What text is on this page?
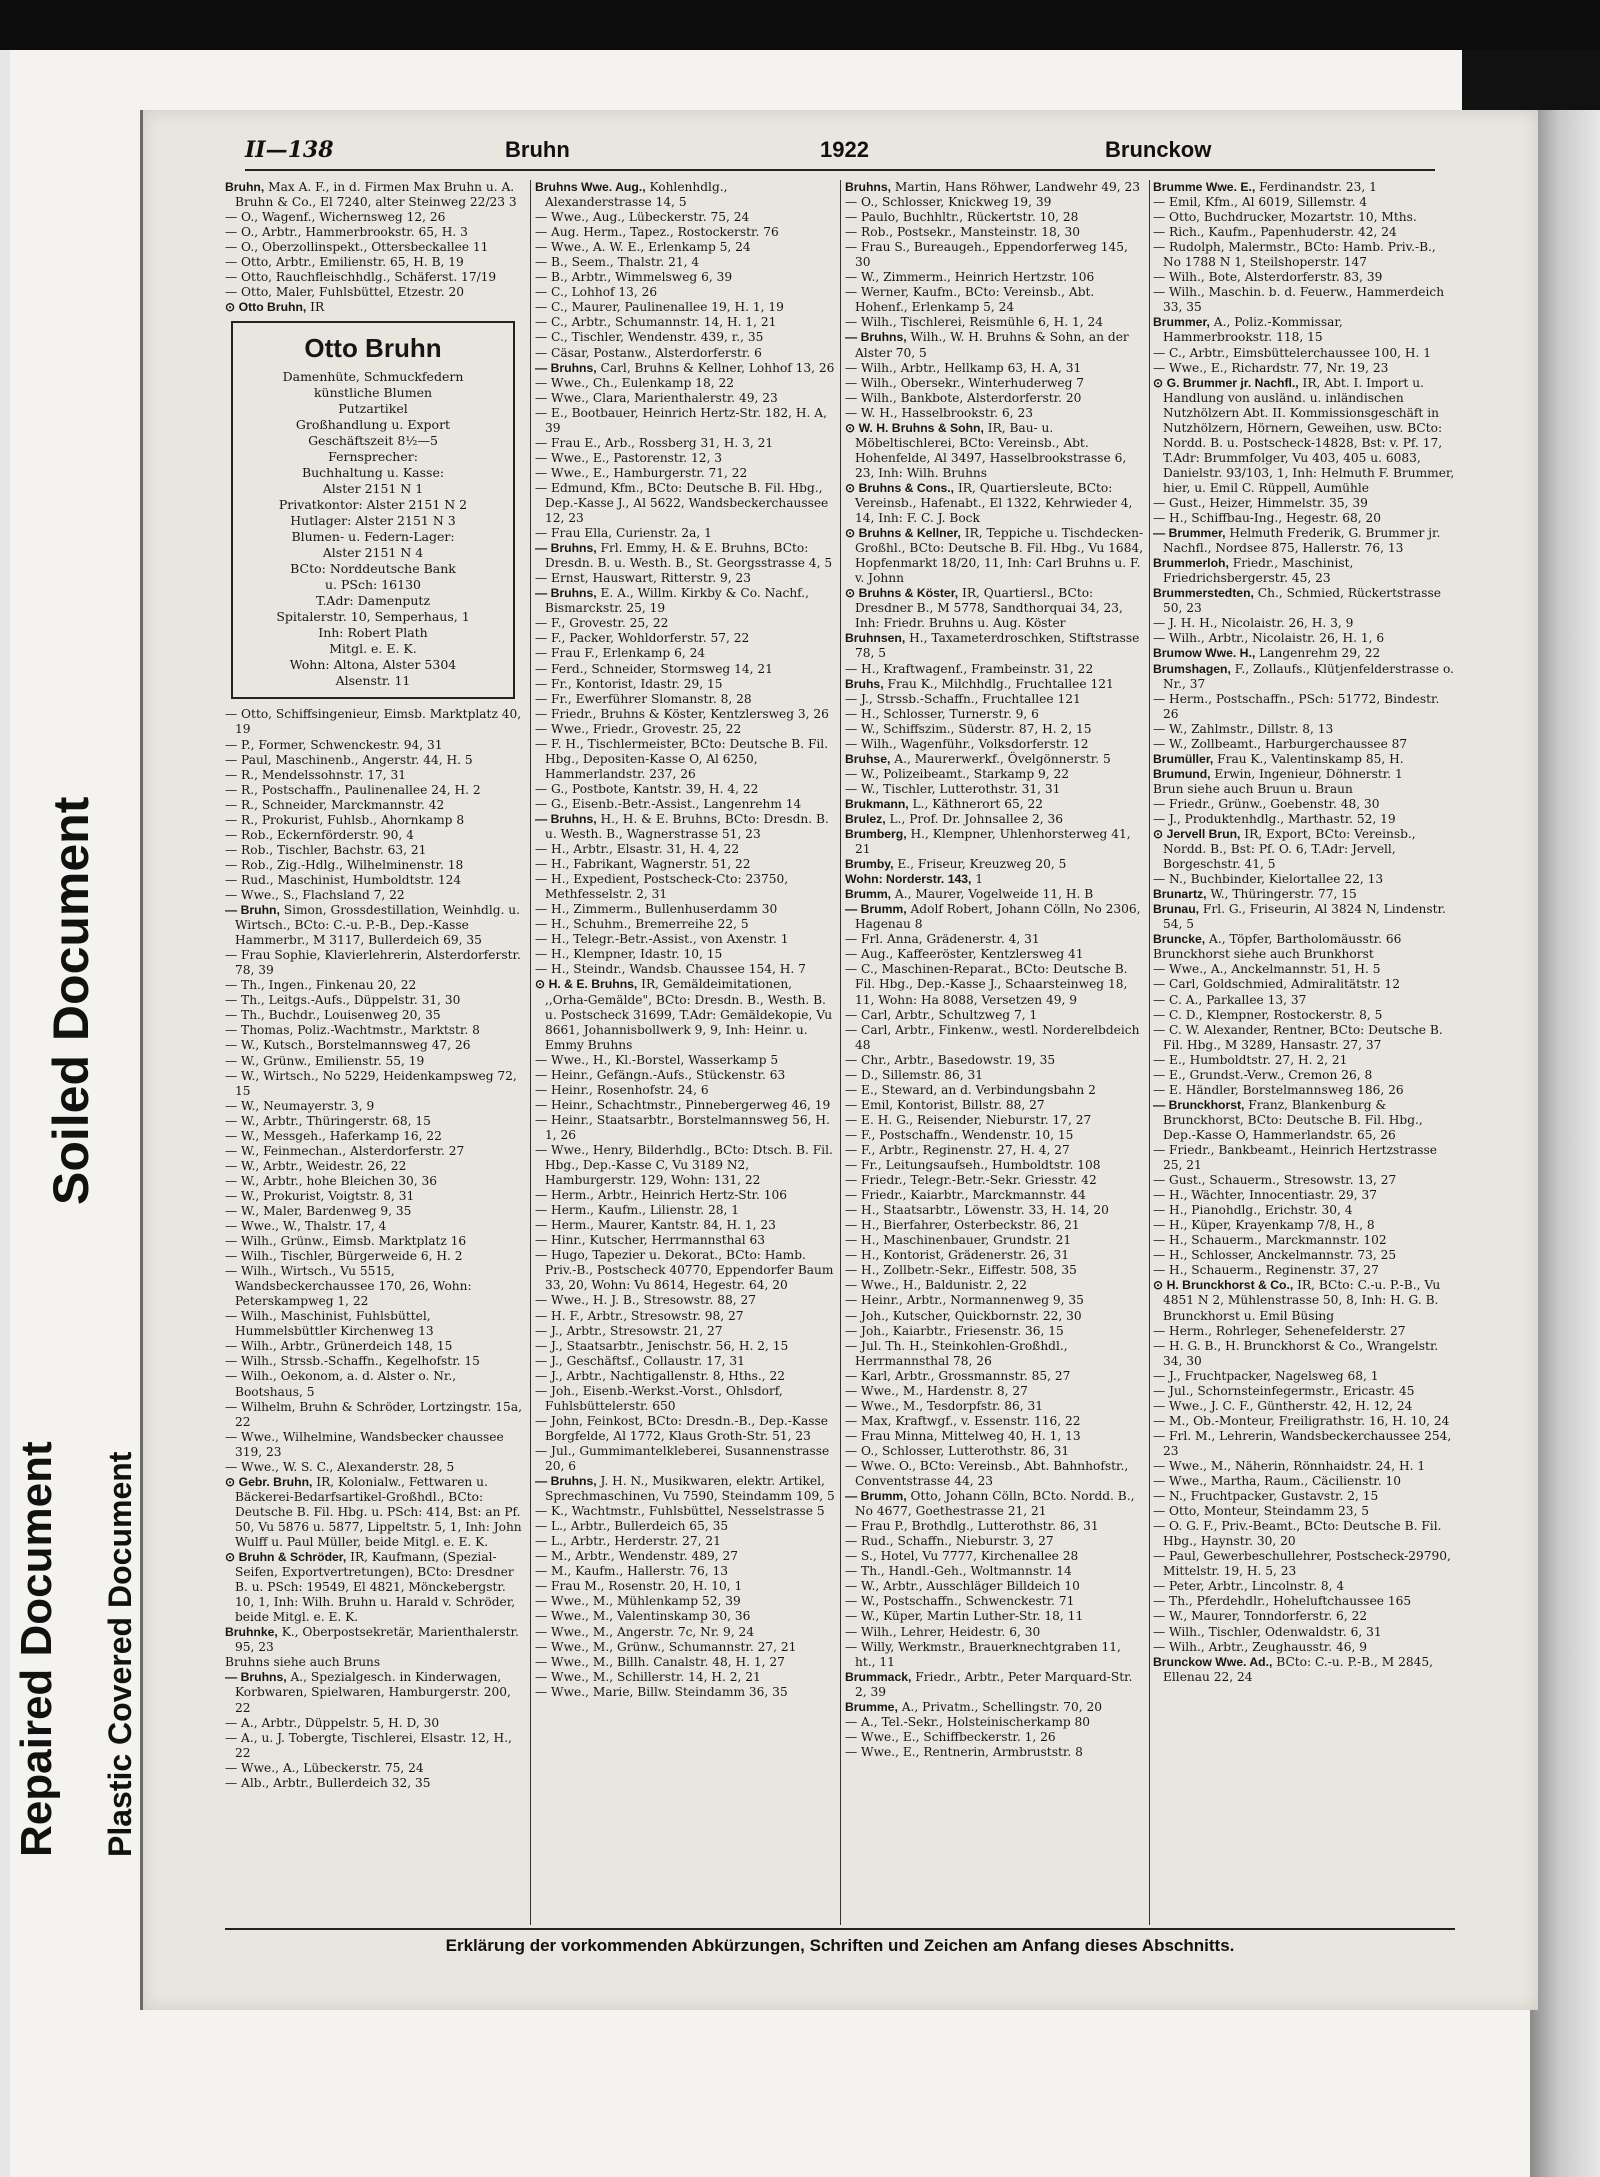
Soiled Document
Repaired Document Plastic Covered Document
II—138	Bruhn	1922	Brunckow
Bruhn, Max A. F., in d. Firmen Max Bruhn u. A. Bruhn & Co., El 7240, alter Steinweg 22/23 3
— O., Wagenf., Wichernsweg 12, 26
— O., Arbtr., Hammerbrookstr. 65, H. 3
— O., Oberzollinspekt., Ottersbeckallee 11
— Otto, Arbtr., Emilienstr. 65, H. B, 19
— Otto, Rauchfleischhdlg., Schäferst. 17/19
— Otto, Maler, Fuhlsbüttel, Etzestr. 20
⊙ Otto Bruhn, IR
Otto Bruhn
Damenhüte, Schmuckfedern
künstliche Blumen
Putzartikel
Großhandlung u. Export
Geschäftszeit 8½—5
Fernsprecher:
Buchhaltung u. Kasse:
Alster 2151 N 1
Privatkontor: Alster 2151 N 2
Hutlager: Alster 2151 N 3
Blumen- u. Federn-Lager:
Alster 2151 N 4
BCto: Norddeutsche Bank
u. PSch: 16130
T.Adr: Damenputz
Spitalerstr. 10, Semperhaus, 1
Inh: Robert Plath
Mitgl. e. E. K.
Wohn: Altona, Alster 5304
Alsenstr. 11
— Otto, Schiffsingenieur, Eimsb. Marktplatz 40, 19
— P., Former, Schwenckestr. 94, 31
— Paul, Maschinenb., Angerstr. 44, H. 5
— R., Mendelssohnstr. 17, 31
— R., Postschaffn., Paulinenallee 24, H. 2
— R., Schneider, Marckmannstr. 42
— R., Prokurist, Fuhlsb., Ahornkamp 8
— Rob., Eckernförderstr. 90, 4
— Rob., Tischler, Bachstr. 63, 21
— Rob., Zig.-Hdlg., Wilhelminenstr. 18
— Rud., Maschinist, Humboldtstr. 124
— Wwe., S., Flachsland 7, 22
— Bruhn, Simon, Grossdestillation, Weinhdlg. u. Wirtsch., BCto: C.-u. P.-B., Dep.-Kasse Hammerbr., M 3117, Bullerdeich 69, 35
— Frau Sophie, Klavierlehrerin, Alsterdorferstr. 78, 39
— Th., Ingen., Finkenau 20, 22
— Th., Leitgs.-Aufs., Düppelstr. 31, 30
— Th., Buchdr., Louisenweg 20, 35
— Thomas, Poliz.-Wachtmstr., Marktstr. 8
— W., Kutsch., Borstelmannsweg 47, 26
— W., Grünw., Emilienstr. 55, 19
— W., Wirtsch., No 5229, Heidenkampsweg 72, 15
— W., Neumayerstr. 3, 9
— W., Arbtr., Thüringerstr. 68, 15
— W., Messgeh., Haferkamp 16, 22
— W., Feinmechan., Alsterdorferstr. 27
— W., Arbtr., Weidestr. 26, 22
— W., Arbtr., hohe Bleichen 30, 36
— W., Prokurist, Voigtstr. 8, 31
— W., Maler, Bardenweg 9, 35
— Wwe., W., Thalstr. 17, 4
— Wilh., Grünw., Eimsb. Marktplatz 16
— Wilh., Tischler, Bürgerweide 6, H. 2
— Wilh., Wirtsch., Vu 5515, Wandsbeckerchaussee 170, 26, Wohn: Peterskampweg 1, 22
— Wilh., Maschinist, Fuhlsbüttel, Hummelsbüttler Kirchenweg 13
— Wilh., Arbtr., Grünerdeich 148, 15
— Wilh., Strssb.-Schaffn., Kegelhofstr. 15
— Wilh., Oekonom, a. d. Alster o. Nr., Bootshaus, 5
— Wilhelm, Bruhn & Schröder, Lortzingstr. 15a, 22
— Wwe., Wilhelmine, Wandsbecker chaussee 319, 23
— Wwe., W. S. C., Alexanderstr. 28, 5
⊙ Gebr. Bruhn, IR, Kolonialw., Fettwaren u. Bäckerei-Bedarfsartikel-Großhdl., BCto: Deutsche B. Fil. Hbg. u. PSch: 414, Bst: an Pf. 50, Vu 5876 u. 5877, Lippeltstr. 5, 1, Inh: John Wulff u. Paul Müller, beide Mitgl. e. E. K.
⊙ Bruhn & Schröder, IR, Kaufmann, (Spezial-Seifen, Exportvertretungen), BCto: Dresdner B. u. PSch: 19549, El 4821, Mönckebergstr. 10, 1, Inh: Wilh. Bruhn u. Harald v. Schröder, beide Mitgl. e. E. K.
Bruhnke, K., Oberpostsekretär, Marienthalerstr. 95, 23
Bruhns siehe auch Bruns
— Bruhns, A., Spezialgesch. in Kinderwagen, Korbwaren, Spielwaren, Hamburgerstr. 200, 22
— A., Arbtr., Düppelstr. 5, H. D, 30
— A., u. J. Tobergte, Tischlerei, Elsastr. 12, H., 22
— Wwe., A., Lübeckerstr. 75, 24
— Alb., Arbtr., Bullerdeich 32, 35
Bruhns Wwe. Aug., Kohlenhdlg., Alexanderstrasse 14, 5
— Wwe., Aug., Lübeckerstr. 75, 24
— Aug. Herm., Tapez., Rostockerstr. 76
— Wwe., A. W. E., Erlenkamp 5, 24
— B., Seem., Thalstr. 21, 4
— B., Arbtr., Wimmelsweg 6, 39
— C., Lohhof 13, 26
— C., Maurer, Paulinenallee 19, H. 1, 19
— C., Arbtr., Schumannstr. 14, H. 1, 21
— C., Tischler, Wendenstr. 439, r., 35
— Cäsar, Postanw., Alsterdorferstr. 6
— Bruhns, Carl, Bruhns & Kellner, Lohhof 13, 26
— Wwe., Ch., Eulenkamp 18, 22
— Wwe., Clara, Marienthalerstr. 49, 23
— E., Bootbauer, Heinrich Hertz-Str. 182, H. A, 39
— Frau E., Arb., Rossberg 31, H. 3, 21
— Wwe., E., Pastorenstr. 12, 3
— Wwe., E., Hamburgerstr. 71, 22
— Edmund, Kfm., BCto: Deutsche B. Fil. Hbg., Dep.-Kasse J., Al 5622, Wandsbeckerchaussee 12, 23
— Frau Ella, Curienstr. 2a, 1
— Bruhns, Frl. Emmy, H. & E. Bruhns, BCto: Dresdn. B. u. Westh. B., St. Georgsstrasse 4, 5
— Ernst, Hauswart, Ritterstr. 9, 23
— Bruhns, E. A., Willm. Kirkby & Co. Nachf., Bismarckstr. 25, 19
— F., Grovestr. 25, 22
— F., Packer, Wohldorferstr. 57, 22
— Frau F., Erlenkamp 6, 24
— Ferd., Schneider, Stormsweg 14, 21
— Fr., Kontorist, Idastr. 29, 15
— Fr., Ewerführer Slomanstr. 8, 28
— Friedr., Bruhns & Köster, Kentzlersweg 3, 26
— Wwe., Friedr., Grovestr. 25, 22
— F. H., Tischlermeister, BCto: Deutsche B. Fil. Hbg., Depositen-Kasse O, Al 6250, Hammerlandstr. 237, 26
— G., Postbote, Kantstr. 39, H. 4, 22
— G., Eisenb.-Betr.-Assist., Langenrehm 14
— Bruhns, H., H. & E. Bruhns, BCto: Dresdn. B. u. Westh. B., Wagnerstrasse 51, 23
— H., Arbtr., Elsastr. 31, H. 4, 22
— H., Fabrikant, Wagnerstr. 51, 22
— H., Expedient, Postscheck-Cto: 23750, Methfesselstr. 2, 31
— H., Zimmerm., Bullenhuserdamm 30
— H., Schuhm., Bremerreihe 22, 5
— H., Telegr.-Betr.-Assist., von Axenstr. 1
— H., Klempner, Idastr. 10, 15
— H., Steindr., Wandsb. Chaussee 154, H. 7
⊙ H. & E. Bruhns, IR, Gemäldeimitationen, ,,Orha-Gemälde", BCto: Dresdn. B., Westh. B. u. Postscheck 31699, T.Adr: Gemäldekopie, Vu 8661, Johannisbollwerk 9, 9, Inh: Heinr. u. Emmy Bruhns
— Wwe., H., Kl.-Borstel, Wasserkamp 5
— Heinr., Gefängn.-Aufs., Stückenstr. 63
— Heinr., Rosenhofstr. 24, 6
— Heinr., Schachtmstr., Pinnebergerweg 46, 19
— Heinr., Staatsarbtr., Borstelmannsweg 56, H. 1, 26
— Wwe., Henry, Bilderhdlg., BCto: Dtsch. B. Fil. Hbg., Dep.-Kasse C, Vu 3189 N2, Hamburgerstr. 129, Wohn: 131, 22
— Herm., Arbtr., Heinrich Hertz-Str. 106
— Herm., Kaufm., Lilienstr. 28, 1
— Herm., Maurer, Kantstr. 84, H. 1, 23
— Hinr., Kutscher, Herrmannsthal 63
— Hugo, Tapezier u. Dekorat., BCto: Hamb. Priv.-B., Postscheck 40770, Eppendorfer Baum 33, 20, Wohn: Vu 8614, Hegestr. 64, 20
— Wwe., H. J. B., Stresowstr. 88, 27
— H. F., Arbtr., Stresowstr. 98, 27
— J., Arbtr., Stresowstr. 21, 27
— J., Staatsarbtr., Jenischstr. 56, H. 2, 15
— J., Geschäftsf., Collaustr. 17, 31
— J., Arbtr., Nachtigallenstr. 8, Hths., 22
— Joh., Eisenb.-Werkst.-Vorst., Ohlsdorf, Fuhlsbüttelerstr. 650
— John, Feinkost, BCto: Dresdn.-B., Dep.-Kasse Borgfelde, Al 1772, Klaus Groth-Str. 51, 23
— Jul., Gummimantelkleberei, Susannenstrasse 20, 6
— Bruhns, J. H. N., Musikwaren, elektr. Artikel, Sprechmaschinen, Vu 7590, Steindamm 109, 5
— K., Wachtmstr., Fuhlsbüttel, Nesselstrasse 5
— L., Arbtr., Bullerdeich 65, 35
— L., Arbtr., Herderstr. 27, 21
— M., Arbtr., Wendenstr. 489, 27
— M., Kaufm., Hallerstr. 76, 13
— Frau M., Rosenstr. 20, H. 10, 1
— Wwe., M., Mühlenkamp 52, 39
— Wwe., M., Valentinskamp 30, 36
— Wwe., M., Angerstr. 7c, Nr. 9, 24
— Wwe., M., Grünw., Schumannstr. 27, 21
— Wwe., M., Billh. Canalstr. 48, H. 1, 27
— Wwe., M., Schillerstr. 14, H. 2, 21
— Wwe., Marie, Billw. Steindamm 36, 35
Bruhns, Martin, Hans Röhwer, Landwehr 49, 23
— O., Schlosser, Knickweg 19, 39
— Paulo, Buchhltr., Rückertstr. 10, 28
— Rob., Postsekr., Mansteinstr. 18, 30
— Frau S., Bureaugeh., Eppendorferweg 145, 30
— W., Zimmerm., Heinrich Hertzstr. 106
— Werner, Kaufm., BCto: Vereinsb., Abt. Hohenf., Erlenkamp 5, 24
— Wilh., Tischlerei, Reismühle 6, H. 1, 24
— Bruhns, Wilh., W. H. Bruhns & Sohn, an der Alster 70, 5
— Wilh., Arbtr., Hellkamp 63, H. A, 31
— Wilh., Obersekr., Winterhuderweg 7
— Wilh., Bankbote, Alsterdorferstr. 20
— W. H., Hasselbrookstr. 6, 23
⊙ W. H. Bruhns & Sohn, IR, Bau- u. Möbeltischlerei, BCto: Vereinsb., Abt. Hohenfelde, Al 3497, Hasselbrookstrasse 6, 23, Inh: Wilh. Bruhns
⊙ Bruhns & Cons., IR, Quartiersleute, BCto: Vereinsb., Hafenabt., El 1322, Kehrwieder 4, 14, Inh: F. C. J. Bock
⊙ Bruhns & Kellner, IR, Teppiche u. Tischdecken-Großhl., BCto: Deutsche B. Fil. Hbg., Vu 1684, Hopfenmarkt 18/20, 11, Inh: Carl Bruhns u. F. v. Johnn
⊙ Bruhns & Köster, IR, Quartiersl., BCto: Dresdner B., M 5778, Sandthorquai 34, 23, Inh: Friedr. Bruhns u. Aug. Köster
Bruhnsen, H., Taxameterdroschken, Stiftstrasse 78, 5
— H., Kraftwagenf., Frambeinstr. 31, 22
Bruhs, Frau K., Milchhdlg., Fruchtallee 121
— J., Strssb.-Schaffn., Fruchtallee 121
— H., Schlosser, Turnerstr. 9, 6
— W., Schiffszim., Süderstr. 87, H. 2, 15
— Wilh., Wagenführ., Volksdorferstr. 12
Bruhse, A., Maurerwerkf., Övelgönnerstr. 5
— W., Polizeibeamt., Starkamp 9, 22
— W., Tischler, Lutterothstr. 31, 31
Brukmann, L., Käthnerort 65, 22
Brulez, L., Prof. Dr. Johnsallee 2, 36
Brumberg, H., Klempner, Uhlenhorsterweg 41, 21
Brumby, E., Friseur, Kreuzweg 20, 5
Wohn: Norderstr. 143, 1
Brumm, A., Maurer, Vogelweide 11, H. B
— Brumm, Adolf Robert, Johann Cölln, No 2306, Hagenau 8
— Frl. Anna, Grädenerstr. 4, 31
— Aug., Kaffeeröster, Kentzlersweg 41
— C., Maschinen-Reparat., BCto: Deutsche B. Fil. Hbg., Dep.-Kasse J., Schaarsteinweg 18, 11, Wohn: Ha 8088, Versetzen 49, 9
— Carl, Arbtr., Schultzweg 7, 1
— Carl, Arbtr., Finkenw., westl. Norderelbdeich 48
— Chr., Arbtr., Basedowstr. 19, 35
— D., Sillemstr. 86, 31
— E., Steward, an d. Verbindungsbahn 2
— Emil, Kontorist, Billstr. 88, 27
— E. H. G., Reisender, Nieburstr. 17, 27
— F., Postschaffn., Wendenstr. 10, 15
— F., Arbtr., Reginenstr. 27, H. 4, 27
— Fr., Leitungsaufseh., Humboldtstr. 108
— Friedr., Telegr.-Betr.-Sekr. Griesstr. 42
— Friedr., Kaiarbtr., Marckmannstr. 44
— H., Staatsarbtr., Löwenstr. 33, H. 14, 20
— H., Bierfahrer, Osterbeckstr. 86, 21
— H., Maschinenbauer, Grundstr. 21
— H., Kontorist, Grädenerstr. 26, 31
— H., Zollbetr.-Sekr., Eiffestr. 508, 35
— Wwe., H., Baldunistr. 2, 22
— Heinr., Arbtr., Normannenweg 9, 35
— Joh., Kutscher, Quickbornstr. 22, 30
— Joh., Kaiarbtr., Friesenstr. 36, 15
— Jul. Th. H., Steinkohlen-Großhdl., Herrmannsthal 78, 26
— Karl, Arbtr., Grossmannstr. 85, 27
— Wwe., M., Hardenstr. 8, 27
— Wwe., M., Tesdorpfstr. 86, 31
— Max, Kraftwgf., v. Essenstr. 116, 22
— Frau Minna, Mittelweg 40, H. 1, 13
— O., Schlosser, Lutterothstr. 86, 31
— Wwe. O., BCto: Vereinsb., Abt. Bahnhofstr., Conventstrasse 44, 23
— Brumm, Otto, Johann Cölln, BCto. Nordd. B., No 4677, Goethestrasse 21, 21
— Frau P., Brothdlg., Lutterothstr. 86, 31
— Rud., Schaffn., Nieburstr. 3, 27
— S., Hotel, Vu 7777, Kirchenallee 28
— Th., Handl.-Geh., Woltmannstr. 14
— W., Arbtr., Ausschläger Billdeich 10
— W., Postschaffn., Schwenckestr. 71
— W., Küper, Martin Luther-Str. 18, 11
— Wilh., Lehrer, Heidestr. 6, 30
— Willy, Werkmstr., Brauerknechtgraben 11, ht., 11
Brummack, Friedr., Arbtr., Peter Marquard-Str. 2, 39
Brumme, A., Privatm., Schellingstr. 70, 20
— A., Tel.-Sekr., Holsteinischerkamp 80
— Wwe., E., Schiffbeckerstr. 1, 26
— Wwe., E., Rentnerin, Armbruststr. 8
Brumme Wwe. E., Ferdinandstr. 23, 1
— Emil, Kfm., Al 6019, Sillemstr. 4
— Otto, Buchdrucker, Mozartstr. 10, Mths.
— Rich., Kaufm., Papenhuderstr. 42, 24
— Rudolph, Malermstr., BCto: Hamb. Priv.-B., No 1788 N 1, Steilshoperstr. 147
— Wilh., Bote, Alsterdorferstr. 83, 39
— Wilh., Maschin. b. d. Feuerw., Hammerdeich 33, 35
Brummer, A., Poliz.-Kommissar, Hammerbrookstr. 118, 15
— C., Arbtr., Eimsbüttelerchaussee 100, H. 1
— Wwe., E., Richardstr. 77, Nr. 19, 23
⊙ G. Brummer jr. Nachfl., IR, Abt. I. Import u. Handlung von ausländ. u. inländischen Nutzhölzern Abt. II. Kommissionsgeschäft in Nutzhölzern, Hörnern, Geweihen, usw. BCto: Nordd. B. u. Postscheck-14828, Bst: v. Pf. 17, T.Adr: Brummfolger, Vu 403, 405 u. 6083, Danielstr. 93/103, 1, Inh: Helmuth F. Brummer, hier, u. Emil C. Rüppell, Aumühle
— Gust., Heizer, Himmelstr. 35, 39
— H., Schiffbau-Ing., Hegestr. 68, 20
— Brummer, Helmuth Frederik, G. Brummer jr. Nachfl., Nordsee 875, Hallerstr. 76, 13
Brummerloh, Friedr., Maschinist, Friedrichsbergerstr. 45, 23
Brummerstedten, Ch., Schmied, Rückertstrasse 50, 23
— J. H. H., Nicolaistr. 26, H. 3, 9
— Wilh., Arbtr., Nicolaistr. 26, H. 1, 6
Brumow Wwe. H., Langenrehm 29, 22
Brumshagen, F., Zollaufs., Klütjenfelderstrasse o. Nr., 37
— Herm., Postschaffn., PSch: 51772, Bindestr. 26
— W., Zahlmstr., Dillstr. 8, 13
— W., Zollbeamt., Harburgerchaussee 87
Brumüller, Frau K., Valentinskamp 85, H.
Brumund, Erwin, Ingenieur, Döhnerstr. 1
Brun siehe auch Bruun u. Braun
— Friedr., Grünw., Goebenstr. 48, 30
— J., Produktenhdlg., Marthastr. 52, 19
⊙ Jervell Brun, IR, Export, BCto: Vereinsb., Nordd. B., Bst: Pf. O. 6, T.Adr: Jervell, Borgeschstr. 41, 5
— N., Buchbinder, Kielortallee 22, 13
Brunartz, W., Thüringerstr. 77, 15
Brunau, Frl. G., Friseurin, Al 3824 N, Lindenstr. 54, 5
Bruncke, A., Töpfer, Bartholomäusstr. 66
Brunckhorst siehe auch Brunkhorst
— Wwe., A., Anckelmannstr. 51, H. 5
— Carl, Goldschmied, Admiralitätstr. 12
— C. A., Parkallee 13, 37
— C. D., Klempner, Rostockerstr. 8, 5
— C. W. Alexander, Rentner, BCto: Deutsche B. Fil. Hbg., M 3289, Hansastr. 27, 37
— E., Humboldtstr. 27, H. 2, 21
— E., Grundst.-Verw., Cremon 26, 8
— E. Händler, Borstelmannsweg 186, 26
— Brunckhorst, Franz, Blankenburg & Brunckhorst, BCto: Deutsche B. Fil. Hbg., Dep.-Kasse O, Hammerlandstr. 65, 26
— Friedr., Bankbeamt., Heinrich Hertzstrasse 25, 21
— Gust., Schauerm., Stresowstr. 13, 27
— H., Wächter, Innocentiastr. 29, 37
— H., Pianohdlg., Erichstr. 30, 4
— H., Küper, Krayenkamp 7/8, H., 8
— H., Schauerm., Marckmannstr. 102
— H., Schlosser, Anckelmannstr. 73, 25
— H., Schauerm., Reginenstr. 37, 27
⊙ H. Brunckhorst & Co., IR, BCto: C.-u. P.-B., Vu 4851 N 2, Mühlenstrasse 50, 8, Inh: H. G. B. Brunckhorst u. Emil Büsing
— Herm., Rohrleger, Sehenefelderstr. 27
— H. G. B., H. Brunckhorst & Co., Wrangelstr. 34, 30
— J., Fruchtpacker, Nagelsweg 68, 1
— Jul., Schornsteinfegermstr., Ericastr. 45
— Wwe., J. C. F., Güntherstr. 42, H. 12, 24
— M., Ob.-Monteur, Freiligrathstr. 16, H. 10, 24
— Frl. M., Lehrerin, Wandsbeckerchaussee 254, 23
— Wwe., M., Näherin, Rönnhaidstr. 24, H. 1
— Wwe., Martha, Raum., Cäcilienstr. 10
— N., Fruchtpacker, Gustavstr. 2, 15
— Otto, Monteur, Steindamm 23, 5
— O. G. F., Priv.-Beamt., BCto: Deutsche B. Fil. Hbg., Haynstr. 30, 20
— Paul, Gewerbeschullehrer, Postscheck-29790, Mittelstr. 19, H. 5, 23
— Peter, Arbtr., Lincolnstr. 8, 4
— Th., Pferdehdlr., Hoheluftchaussee 165
— W., Maurer, Tonndorferstr. 6, 22
— Wilh., Tischler, Odenwaldstr. 6, 31
— Wilh., Arbtr., Zeughausstr. 46, 9
Brunckow Wwe. Ad., BCto: C.-u. P.-B., M 2845, Ellenau 22, 24
Erklärung der vorkommenden Abkürzungen, Schriften und Zeichen am Anfang dieses Abschnitts.
